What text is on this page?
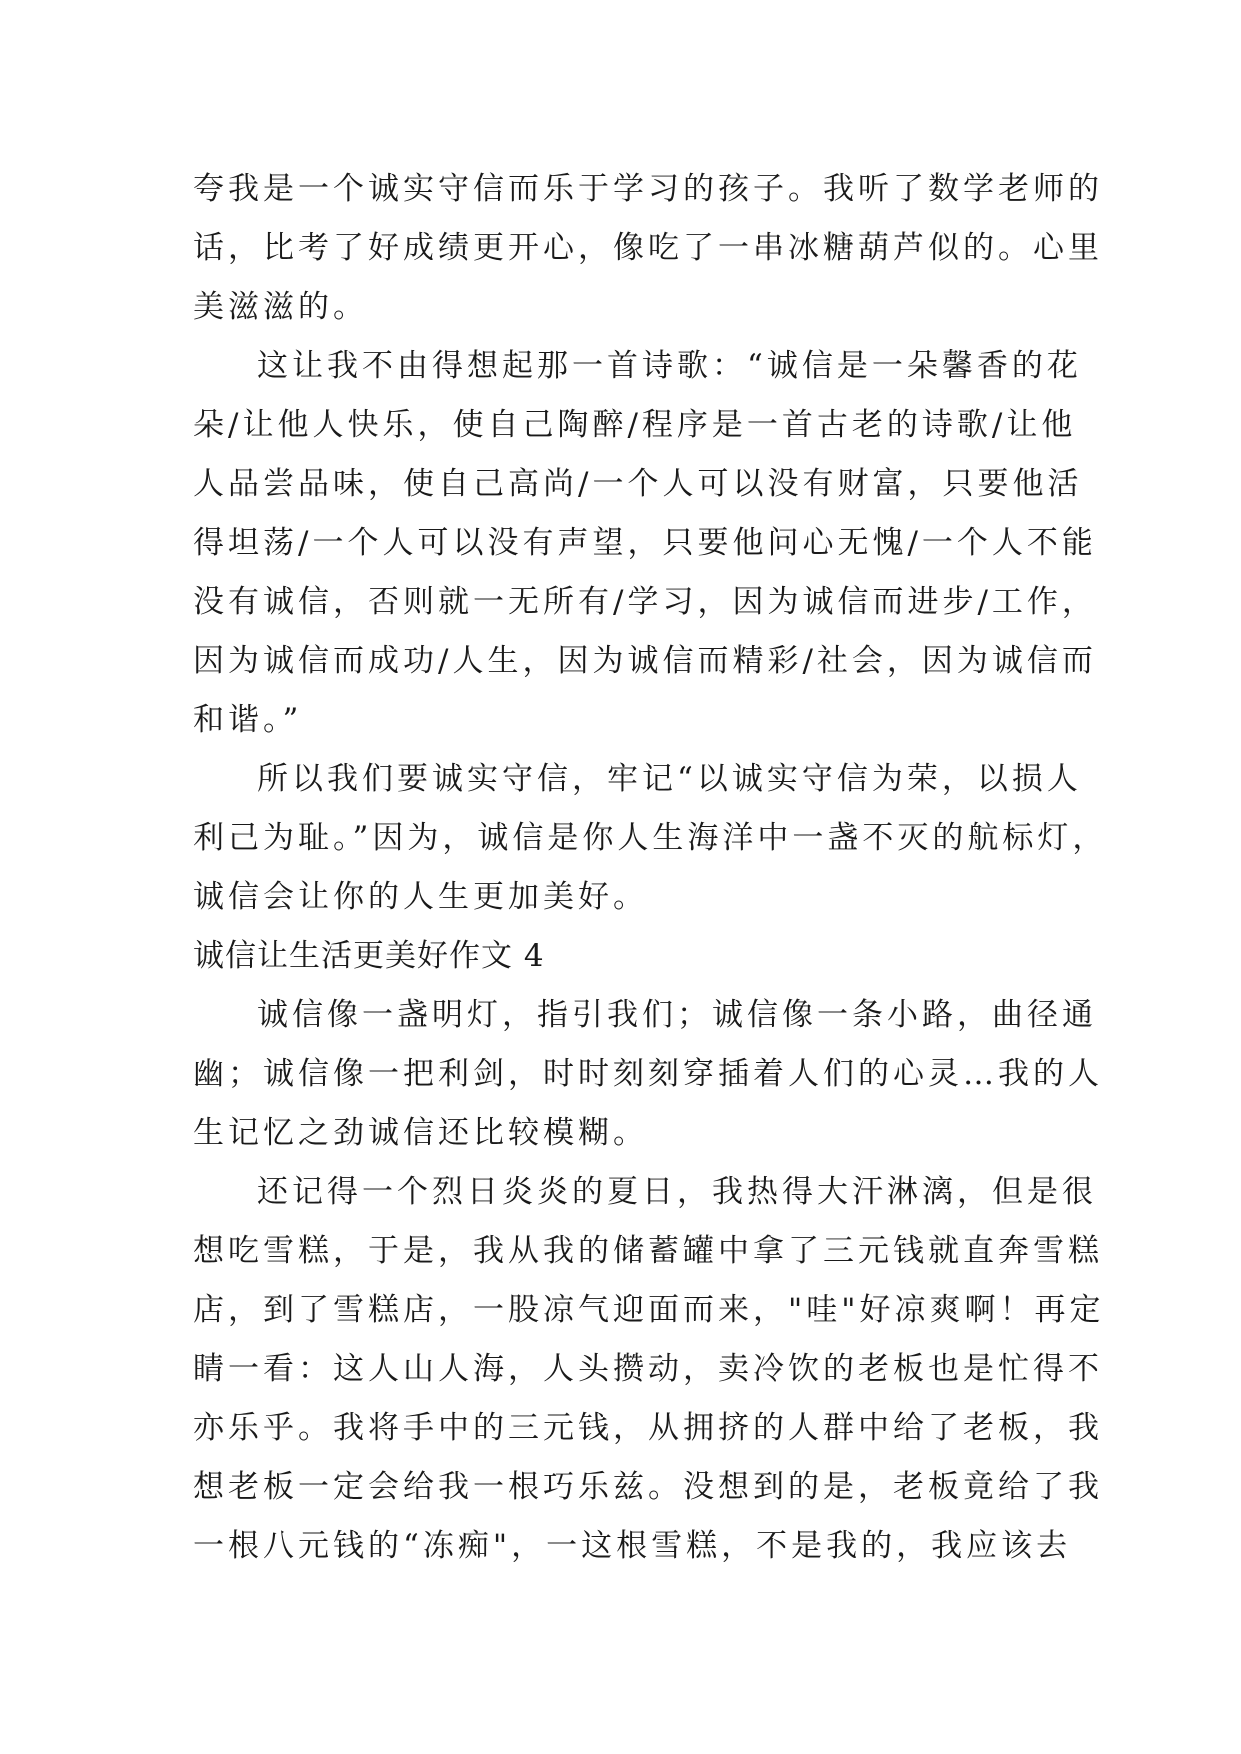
夸我是一个诚实守信而乐于学习的孩子。我听了数学老师的
话，比考了好成绩更开心，像吃了一串冰糖葫芦似的。心里
美滋滋的。
这让我不由得想起那一首诗歌：“诚信是一朵馨香的花
朵/让他人快乐，使自己陶醉/程序是一首古老的诗歌/让他
人品尝品味，使自己高尚/一个人可以没有财富，只要他活
得坦荡/一个人可以没有声望，只要他问心无愧/一个人不能
没有诚信，否则就一无所有/学习，因为诚信而进步/工作，
因为诚信而成功/人生，因为诚信而精彩/社会，因为诚信而
和谐。”
所以我们要诚实守信，牢记“以诚实守信为荣，以损人
利己为耻。”因为，诚信是你人生海洋中一盏不灭的航标灯，
诚信会让你的人生更加美好。
诚信让生活更美好作文 4
诚信像一盏明灯，指引我们；诚信像一条小路，曲径通
幽；诚信像一把利剑，时时刻刻穿插着人们的心灵…我的人
生记忆之劲诚信还比较模糊。
还记得一个烈日炎炎的夏日，我热得大汗淋漓，但是很
想吃雪糕，于是，我从我的储蓄罐中拿了三元钱就直奔雪糕
店，到了雪糕店，一股凉气迎面而来，"哇"好凉爽啊！再定
睛一看：这人山人海，人头攒动，卖冷饮的老板也是忙得不
亦乐乎。我将手中的三元钱，从拥挤的人群中给了老板，我
想老板一定会给我一根巧乐兹。没想到的是，老板竟给了我
一根八元钱的“冻痴"，一这根雪糕，不是我的，我应该去
